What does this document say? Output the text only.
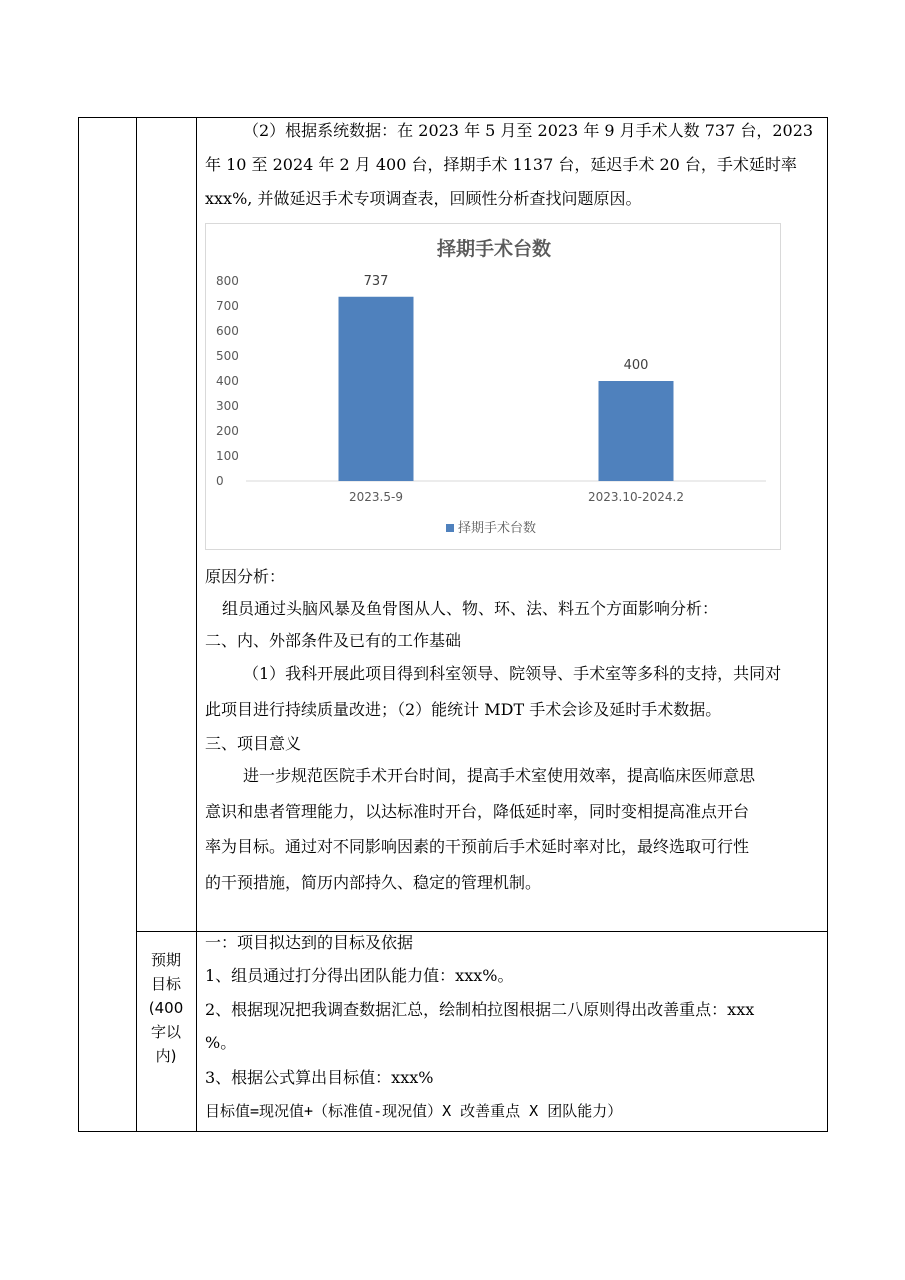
（2）根据系统数据：在 2023 年 5 月至 2023 年 9 月手术人数 737 台，2023
年 10 至 2024 年 2 月 400 台，择期手术 1137 台，延迟手术 20 台，手术延时率
xxx%, 并做延迟手术专项调查表，回顾性分析查找问题原因。
择期手术台数
0
100
200
300
400
500
600
700
800	737
2023.5-9
400
2023.10-2024.2
择期手术台数
原因分析：
组员通过头脑风暴及鱼骨图从人、物、环、法、料五个方面影响分析：
二、内、外部条件及已有的工作基础
（1）我科开展此项目得到科室领导、院领导、手术室等多科的支持，共同对
此项目进行持续质量改进；（2）能统计 MDT 手术会诊及延时手术数据。
三、项目意义
进一步规范医院手术开台时间，提高手术室使用效率，提高临床医师意思
意识和患者管理能力，以达标准时开台，降低延时率，同时变相提高准点开台
率为目标。通过对不同影响因素的干预前后手术延时率对比，最终选取可行性
的干预措施，简历内部持久、稳定的管理机制。
预期
目标
(400
字以
内)
一：项目拟达到的目标及依据
1、组员通过打分得出团队能力值：xxx%。
2、根据现况把我调查数据汇总，绘制柏拉图根据二八原则得出改善重点：xxx
%。
3、根据公式算出目标值：xxx%
目标值=现况值+（标准值-现况值）X 改善重点 X 团队能力）
